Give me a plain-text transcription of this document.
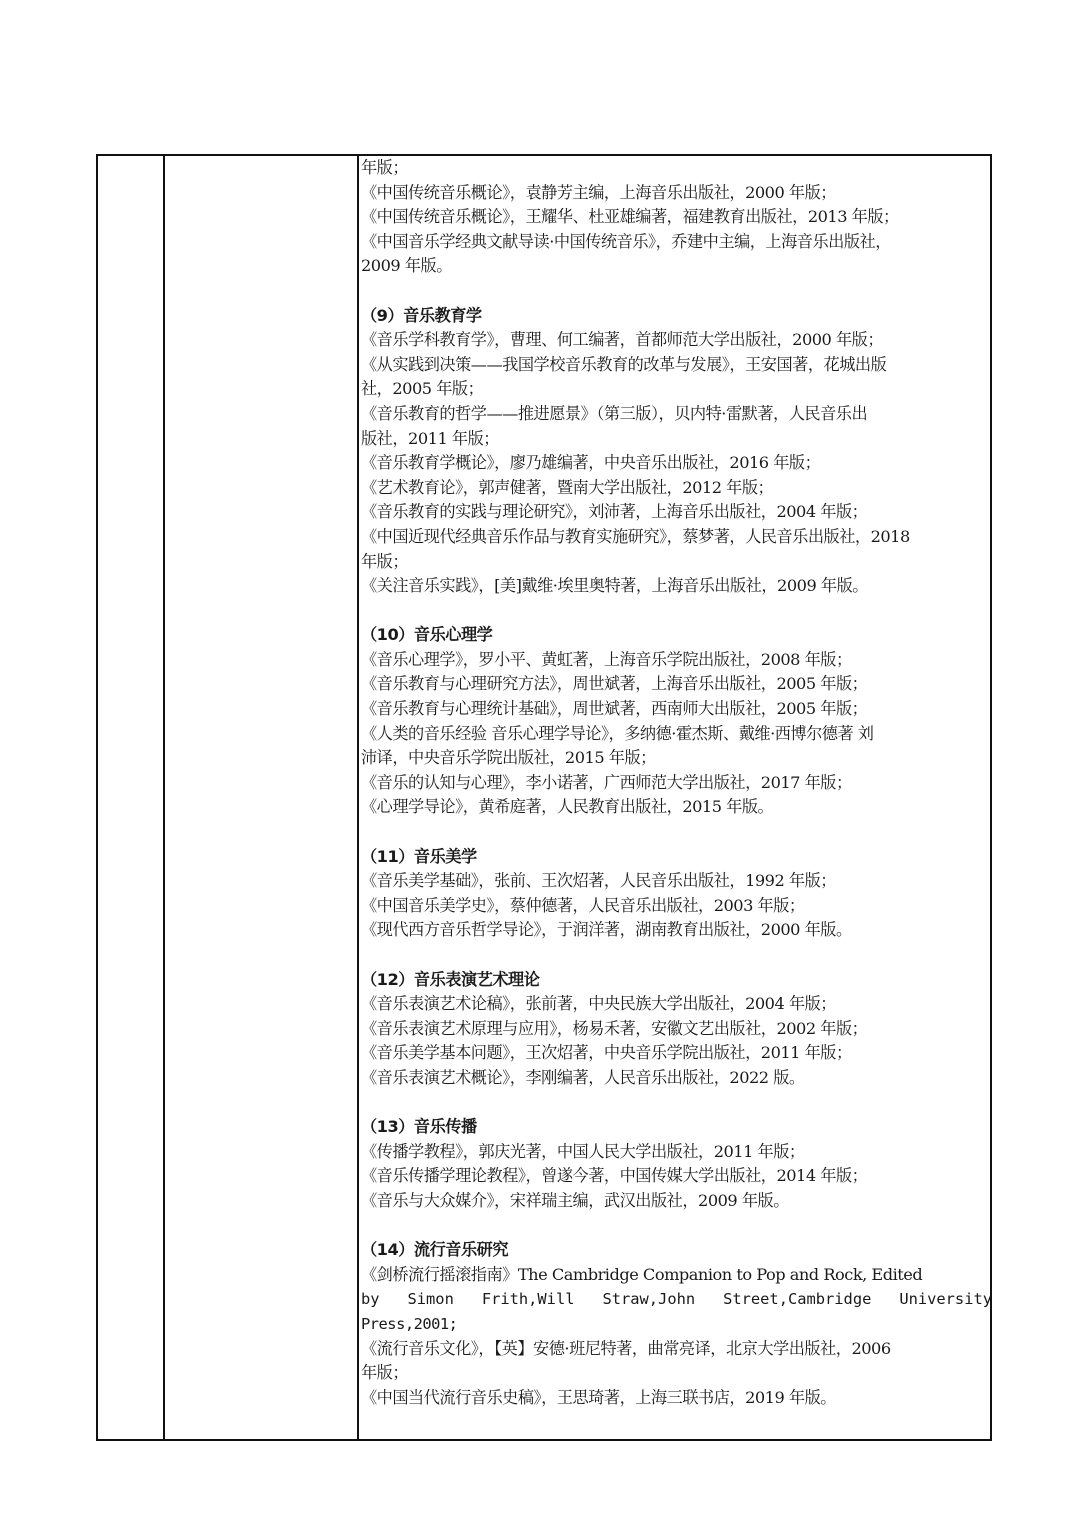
年版；
《中国传统音乐概论》，袁静芳主编，上海音乐出版社，2000 年版；
《中国传统音乐概论》，王耀华、杜亚雄编著，福建教育出版社，2013 年版；
《中国音乐学经典文献导读·中国传统音乐》，乔建中主编，上海音乐出版社，
2009 年版。
（9）音乐教育学
《音乐学科教育学》，曹理、何工编著，首都师范大学出版社，2000 年版；
《从实践到决策——我国学校音乐教育的改革与发展》，王安国著，花城出版
社，2005 年版；
《音乐教育的哲学——推进愿景》（第三版），贝内特·雷默著，人民音乐出
版社，2011 年版；
《音乐教育学概论》，廖乃雄编著，中央音乐出版社，2016 年版；
《艺术教育论》，郭声健著，暨南大学出版社，2012 年版；
《音乐教育的实践与理论研究》，刘沛著，上海音乐出版社，2004 年版；
《中国近现代经典音乐作品与教育实施研究》，蔡梦著，人民音乐出版社，2018
年版；
《关注音乐实践》，[美]戴维·埃里奥特著，上海音乐出版社，2009 年版。
（10）音乐心理学
《音乐心理学》，罗小平、黄虹著，上海音乐学院出版社，2008 年版；
《音乐教育与心理研究方法》，周世斌著，上海音乐出版社，2005 年版；
《音乐教育与心理统计基础》，周世斌著，西南师大出版社，2005 年版；
《人类的音乐经验 音乐心理学导论》，多纳德·霍杰斯、戴维·西博尔德著 刘
沛译，中央音乐学院出版社，2015 年版；
《音乐的认知与心理》，李小诺著，广西师范大学出版社，2017 年版；
《心理学导论》，黄希庭著，人民教育出版社，2015 年版。
（11）音乐美学
《音乐美学基础》，张前、王次炤著，人民音乐出版社，1992 年版；
《中国音乐美学史》，蔡仲德著，人民音乐出版社，2003 年版；
《现代西方音乐哲学导论》，于润洋著，湖南教育出版社，2000 年版。
（12）音乐表演艺术理论
《音乐表演艺术论稿》，张前著，中央民族大学出版社，2004 年版；
《音乐表演艺术原理与应用》，杨易禾著，安徽文艺出版社，2002 年版；
《音乐美学基本问题》，王次炤著，中央音乐学院出版社，2011 年版；
《音乐表演艺术概论》，李刚编著，人民音乐出版社，2022 版。
（13）音乐传播
《传播学教程》，郭庆光著，中国人民大学出版社，2011 年版；
《音乐传播学理论教程》，曾遂今著，中国传媒大学出版社，2014 年版；
《音乐与大众媒介》，宋祥瑞主编，武汉出版社，2009 年版。
（14）流行音乐研究
《剑桥流行摇滚指南》The Cambridge Companion to Pop and Rock, Edited
by Simon Frith,Will Straw,John Street,Cambridge University
Press,2001;
《流行音乐文化》，【英】安德·班尼特著，曲常亮译，北京大学出版社，2006
年版；
《中国当代流行音乐史稿》，王思琦著，上海三联书店，2019 年版。
